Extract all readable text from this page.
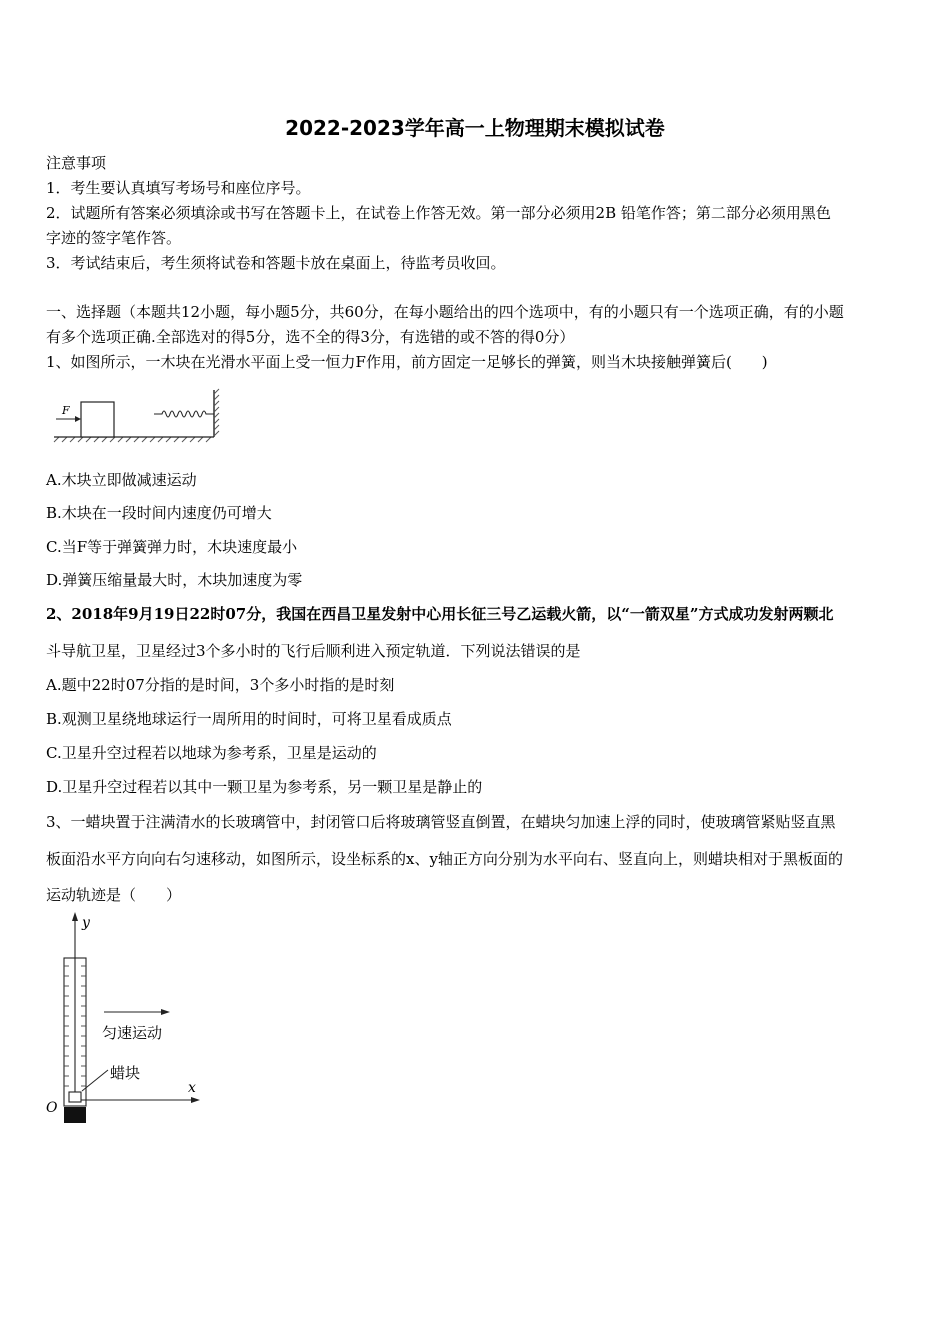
2022-2023学年高一上物理期末模拟试卷
注意事项
1．考生要认真填写考场号和座位序号。
2．试题所有答案必须填涂或书写在答题卡上，在试卷上作答无效。第一部分必须用2B 铅笔作答；第二部分必须用黑色
字迹的签字笔作答。
3．考试结束后，考生须将试卷和答题卡放在桌面上，待监考员收回。
一、选择题（本题共12小题，每小题5分，共60分，在每小题给出的四个选项中，有的小题只有一个选项正确，有的小题
有多个选项正确.全部选对的得5分，选不全的得3分，有选错的或不答的得0分）
1、如图所示，一木块在光滑水平面上受一恒力F作用，前方固定一足够长的弹簧，则当木块接触弹簧后(　　)
F
A.木块立即做减速运动
B.木块在一段时间内速度仍可增大
C.当F等于弹簧弹力时，木块速度最小
D.弹簧压缩量最大时，木块加速度为零
2、2018年9月19日22时07分，我国在西昌卫星发射中心用长征三号乙运载火箭，以“一箭双星”方式成功发射两颗北
斗导航卫星，卫星经过3个多小时的飞行后顺利进入预定轨道．下列说法错误的是
A.题中22时07分指的是时间，3个多小时指的是时刻
B.观测卫星绕地球运行一周所用的时间时，可将卫星看成质点
C.卫星升空过程若以地球为参考系，卫星是运动的
D.卫星升空过程若以其中一颗卫星为参考系，另一颗卫星是静止的
3、一蜡块置于注满清水的长玻璃管中，封闭管口后将玻璃管竖直倒置，在蜡块匀加速上浮的同时，使玻璃管紧贴竖直黑
板面沿水平方向向右匀速移动，如图所示，设坐标系的x、y轴正方向分别为水平向右、竖直向上，则蜡块相对于黑板面的
运动轨迹是（　　）
y
x
O
匀速运动
蜡块
